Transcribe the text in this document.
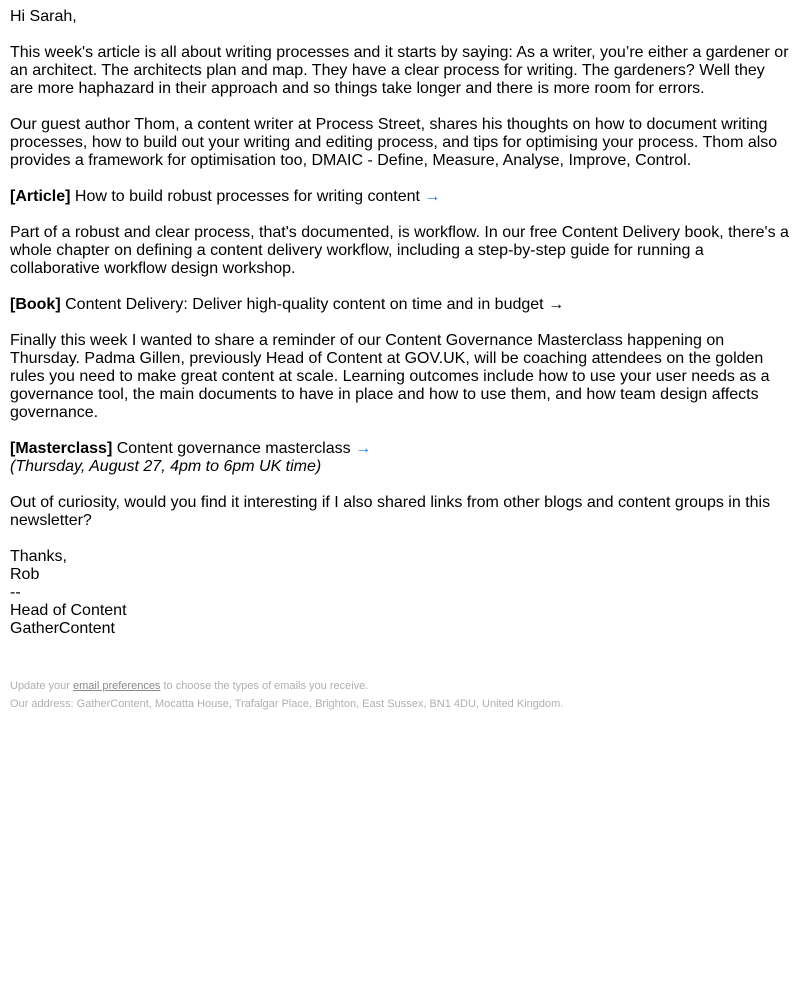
Hi Sarah,

This week's article is all about writing processes and it starts by saying: As a writer, you’re either a gardener or an architect. The architects plan and map. They have a clear process for writing. The gardeners? Well they are more haphazard in their approach and so things take longer and there is more room for errors.

Our guest author Thom, a content writer at Process Street, shares his thoughts on how to document writing processes, how to build out your writing and editing process, and tips for optimising your process. Thom also provides a framework for optimisation too, DMAIC - Define, Measure, Analyse, Improve, Control.

[Article] How to build robust processes for writing content →

Part of a robust and clear process, that's documented, is workflow. In our free Content Delivery book, there's a whole chapter on defining a content delivery workflow, including a step-by-step guide for running a collaborative workflow design workshop.

[Book] Content Delivery: Deliver high-quality content on time and in budget →

Finally this week I wanted to share a reminder of our Content Governance Masterclass happening on Thursday. Padma Gillen, previously Head of Content at GOV.UK, will be coaching attendees on the golden rules you need to make great content at scale. Learning outcomes include how to use your user needs as a governance tool, the main documents to have in place and how to use them, and how team design affects governance.

[Masterclass] Content governance masterclass →

(Thursday, August 27, 4pm to 6pm UK time)

Out of curiosity, would you find it interesting if I also shared links from other blogs and content groups in this newsletter?

Thanks,
Rob
--
Head of Content
GatherContent
Update your email preferences to choose the types of emails you receive.
Our address: GatherContent, Mocatta House, Trafalgar Place, Brighton, East Sussex, BN1 4DU, United Kingdom.
